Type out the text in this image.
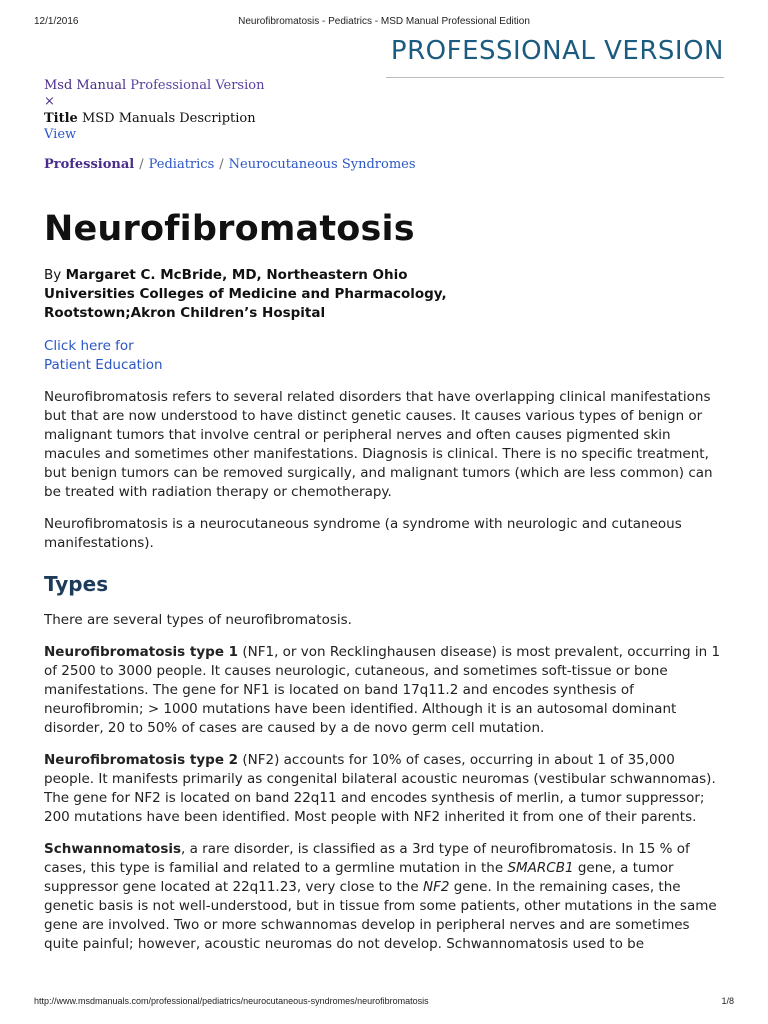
12/1/2016	Neurofibromatosis - Pediatrics - MSD Manual Professional Edition
PROFESSIONAL VERSION
Msd Manual Professional Version
×
Title MSD Manuals Description
View
Professional / Pediatrics / Neurocutaneous Syndromes
Neurofibromatosis
By Margaret C. McBride, MD, Northeastern Ohio Universities Colleges of Medicine and Pharmacology, Rootstown;Akron Children’s Hospital
Click here for
Patient Education

Neurofibromatosis refers to several related disorders that have overlapping clinical manifestations but that are now understood to have distinct genetic causes. It causes various types of benign or malignant tumors that involve central or peripheral nerves and often causes pigmented skin macules and sometimes other manifestations. Diagnosis is clinical. There is no specific treatment, but benign tumors can be removed surgically, and malignant tumors (which are less common) can be treated with radiation therapy or chemotherapy.

Neurofibromatosis is a neurocutaneous syndrome (a syndrome with neurologic and cutaneous manifestations).

Types

There are several types of neurofibromatosis.

Neurofibromatosis type 1 (NF1, or von Recklinghausen disease) is most prevalent, occurring in 1 of 2500 to 3000 people. It causes neurologic, cutaneous, and sometimes soft-tissue or bone manifestations. The gene for NF1 is located on band 17q11.2 and encodes synthesis of neurofibromin; > 1000 mutations have been identified. Although it is an autosomal dominant disorder, 20 to 50% of cases are caused by a de novo germ cell mutation.

Neurofibromatosis type 2 (NF2) accounts for 10% of cases, occurring in about 1 of 35,000 people. It manifests primarily as congenital bilateral acoustic neuromas (vestibular schwannomas). The gene for NF2 is located on band 22q11 and encodes synthesis of merlin, a tumor suppressor; 200 mutations have been identified. Most people with NF2 inherited it from one of their parents.

Schwannomatosis, a rare disorder, is classified as a 3rd type of neurofibromatosis. In 15 % of cases, this type is familial and related to a germline mutation in the SMARCB1 gene, a tumor suppressor gene located at 22q11.23, very close to the NF2 gene. In the remaining cases, the genetic basis is not well-understood, but in tissue from some patients, other mutations in the same gene are involved. Two or more schwannomas develop in peripheral nerves and are sometimes quite painful; however, acoustic neuromas do not develop. Schwannomatosis used to be

http://www.msdmanuals.com/professional/pediatrics/neurocutaneous-syndromes/neurofibromatosis	1/8
